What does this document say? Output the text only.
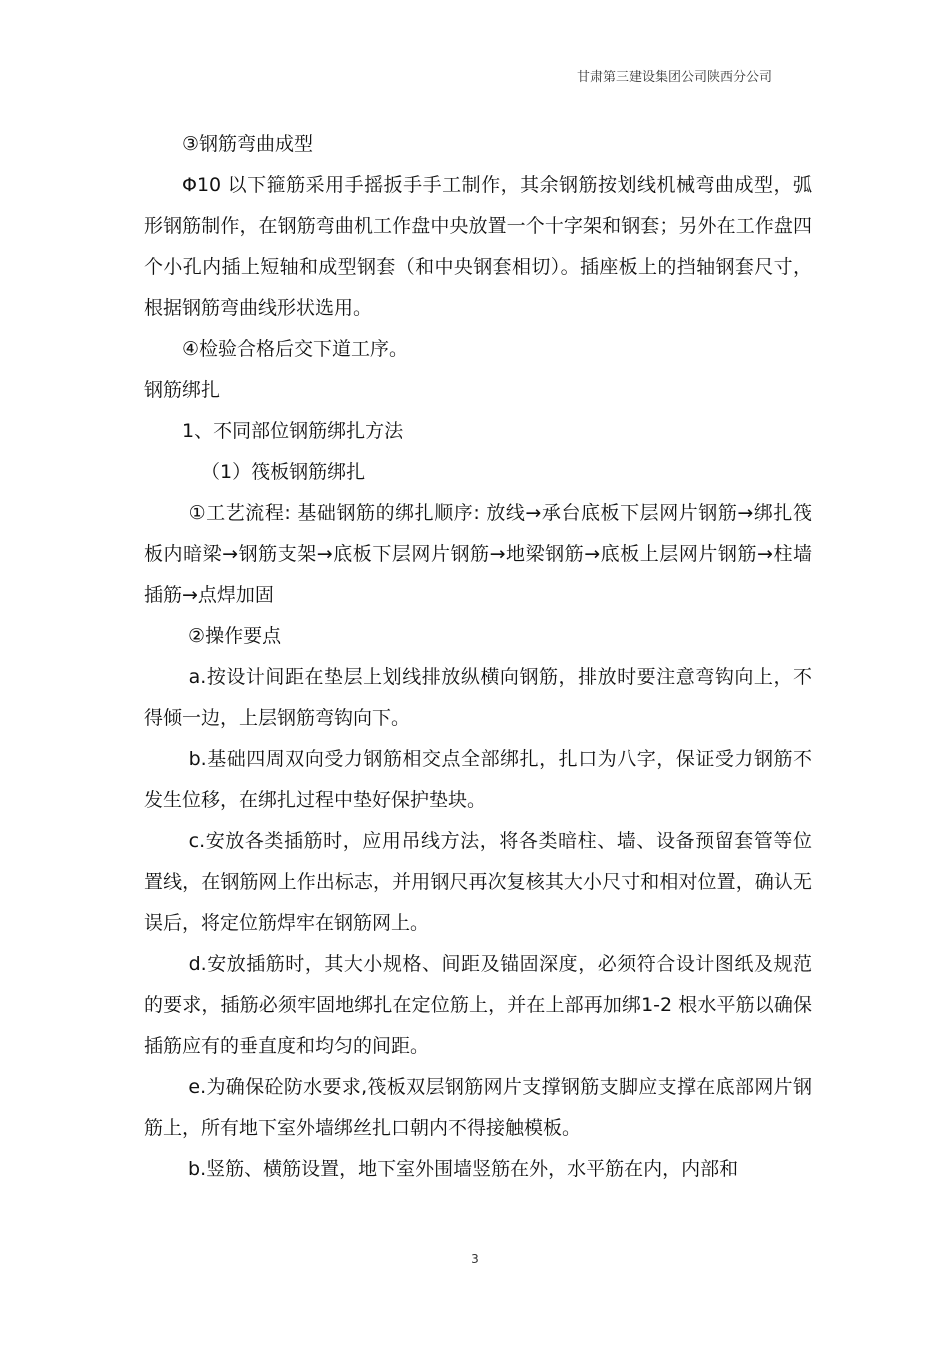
甘肃第三建设集团公司陕西分公司

③钢筋弯曲成型

Φ10 以下箍筋采用手摇扳手手工制作，其余钢筋按划线机械弯曲成型，弧形钢筋制作，在钢筋弯曲机工作盘中央放置一个十字架和钢套；另外在工作盘四个小孔内插上短轴和成型钢套（和中央钢套相切）。插座板上的挡轴钢套尺寸，根据钢筋弯曲线形状选用。

④检验合格后交下道工序。

钢筋绑扎

1、不同部位钢筋绑扎方法

（1）筏板钢筋绑扎

①工艺流程: 基础钢筋的绑扎顺序: 放线→承台底板下层网片钢筋→绑扎筏板内暗梁→钢筋支架→底板下层网片钢筋→地梁钢筋→底板上层网片钢筋→柱墙插筋→点焊加固

②操作要点

a.按设计间距在垫层上划线排放纵横向钢筋，排放时要注意弯钩向上，不得倾一边，上层钢筋弯钩向下。

b.基础四周双向受力钢筋相交点全部绑扎，扎口为八字，保证受力钢筋不发生位移，在绑扎过程中垫好保护垫块。

c.安放各类插筋时，应用吊线方法，将各类暗柱、墙、设备预留套管等位置线，在钢筋网上作出标志，并用钢尺再次复核其大小尺寸和相对位置，确认无误后，将定位筋焊牢在钢筋网上。

d.安放插筋时，其大小规格、间距及锚固深度，必须符合设计图纸及规范的要求，插筋必须牢固地绑扎在定位筋上，并在上部再加绑1-2 根水平筋以确保插筋应有的垂直度和均匀的间距。

e.为确保砼防水要求,筏板双层钢筋网片支撑钢筋支脚应支撑在底部网片钢筋上，所有地下室外墙绑丝扎口朝内不得接触模板。

b.竖筋、横筋设置，地下室外围墙竖筋在外，水平筋在内，内部和

3
